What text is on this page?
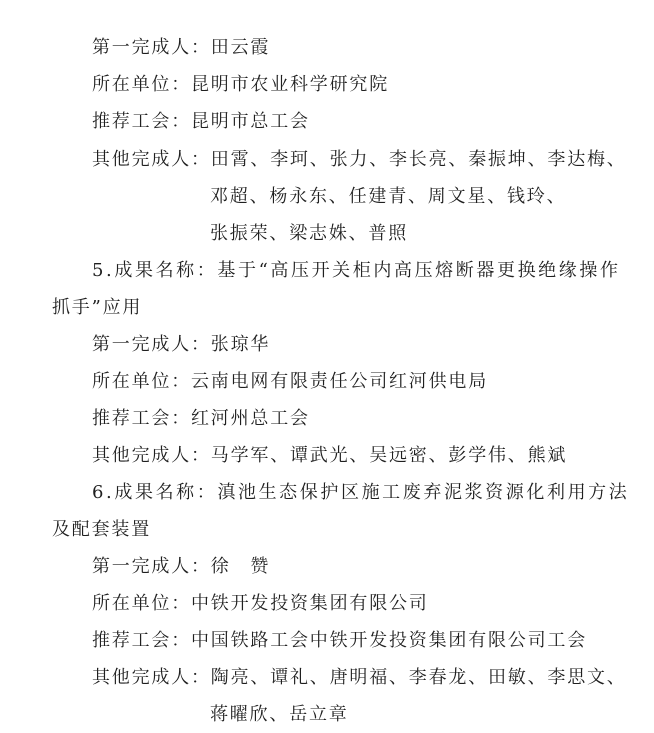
第一完成人：田云霞
所在单位：昆明市农业科学研究院
推荐工会：昆明市总工会
其他完成人：田霄、李珂、张力、李长亮、秦振坤、李达梅、
邓超、杨永东、任建青、周文星、钱玲、
张振荣、梁志姝、普照
5.成果名称：基于“高压开关柜内高压熔断器更换绝缘操作
抓手”应用
第一完成人：张琼华
所在单位：云南电网有限责任公司红河供电局
推荐工会：红河州总工会
其他完成人：马学军、谭武光、吴远密、彭学伟、熊斌
6.成果名称：滇池生态保护区施工废弃泥浆资源化利用方法
及配套装置
第一完成人：徐　赞
所在单位：中铁开发投资集团有限公司
推荐工会：中国铁路工会中铁开发投资集团有限公司工会
其他完成人：陶亮、谭礼、唐明福、李春龙、田敏、李思文、
蒋曜欣、岳立章
